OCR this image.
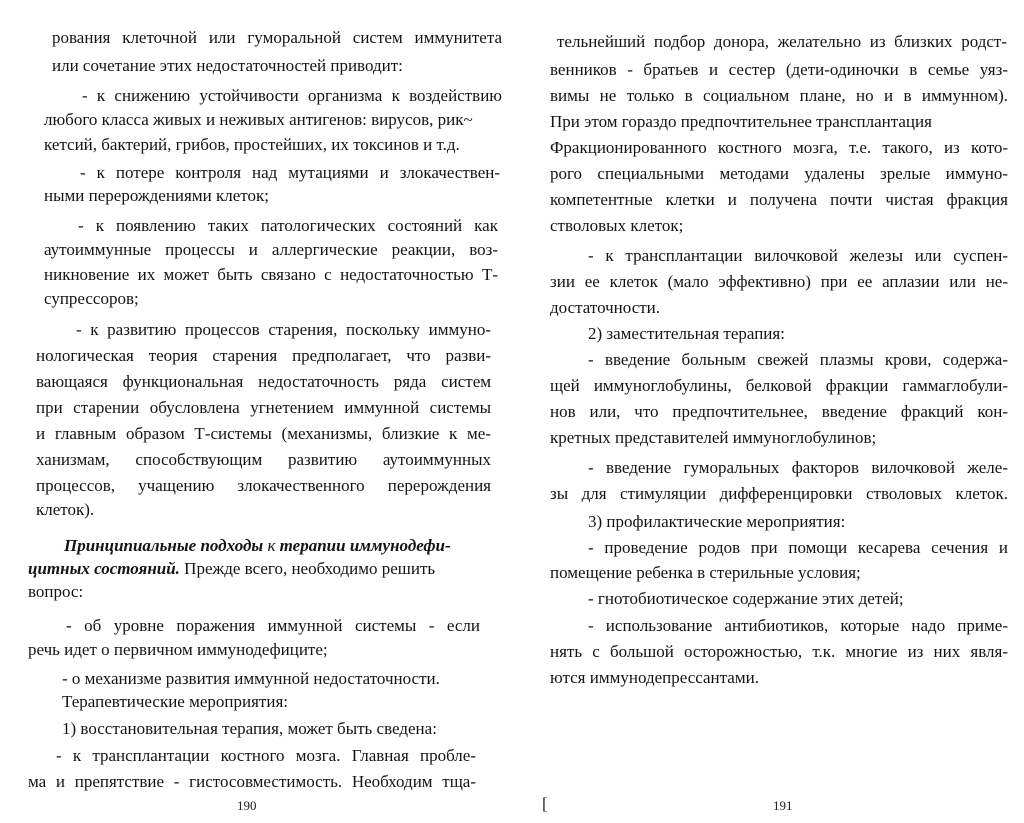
рования клеточной или гуморальной систем иммунитета

или сочетание этих недостаточностей приводит:

- к снижению устойчивости организма к воздействию

любого класса живых и неживых антигенов: вирусов, рик~

кетсий, бактерий, грибов, простейших, их токсинов и т.д.

- к потере контроля над мутациями и злокачествен-

ными перерождениями клеток;

- к появлению таких патологических состояний как

аутоиммунные процессы и аллергические реакции, воз-

никновение их может быть связано с недостаточностью Т-

супрессоров;

- к развитию процессов старения, поскольку иммуно-

нологическая теория старения предполагает, что разви-

вающаяся функциональная недостаточность ряда систем

при старении обусловлена угнетением иммунной системы

и главным образом Т-системы (механизмы, близкие к ме-

ханизмам, способствующим развитию аутоиммунных

процессов, учащению злокачественного перерождения

клеток).

Принципиальные подходы к терапии иммунодефи-

цитных состояний. Прежде всего, необходимо решить

вопрос:

- об уровне поражения иммунной системы - если

речь идет о первичном иммунодефиците;

- о механизме развития иммунной недостаточности.

Терапевтические мероприятия:

1) восстановительная терапия, может быть сведена:

- к трансплантации костного мозга. Главная пробле-

ма и препятствие - гистосовместимость. Необходим тща-

190

тельнейший подбор донора, желательно из близких родст-

венников - братьев и сестер (дети-одиночки в семье уяз-

вимы не только в социальном плане, но и в иммунном).

При этом гораздо предпочтительнее трансплантация

Фракционированного костного мозга, т.е. такого, из кото-

рого специальными методами удалены зрелые иммуно-

компетентные клетки и получена почти чистая фракция

стволовых клеток;

- к трансплантации вилочковой железы или суспен-

зии ее клеток (мало эффективно) при ее аплазии или не-

достаточности.

2) заместительная терапия:

- введение больным свежей плазмы крови, содержа-

щей иммуноглобулины, белковой фракции гаммаглобули-

нов или, что предпочтительнее, введение фракций кон-

кретных представителей иммуноглобулинов;

- введение гуморальных факторов вилочковой желе-

зы для стимуляции дифференцировки стволовых клеток.

3) профилактические мероприятия:

- проведение родов при помощи кесарева сечения и

помещение ребенка в стерильные условия;

- гнотобиотическое содержание этих детей;

- использование антибиотиков, которые надо приме-

нять с большой осторожностью, т.к. многие из них явля-

ются иммунодепрессантами.

[	191
